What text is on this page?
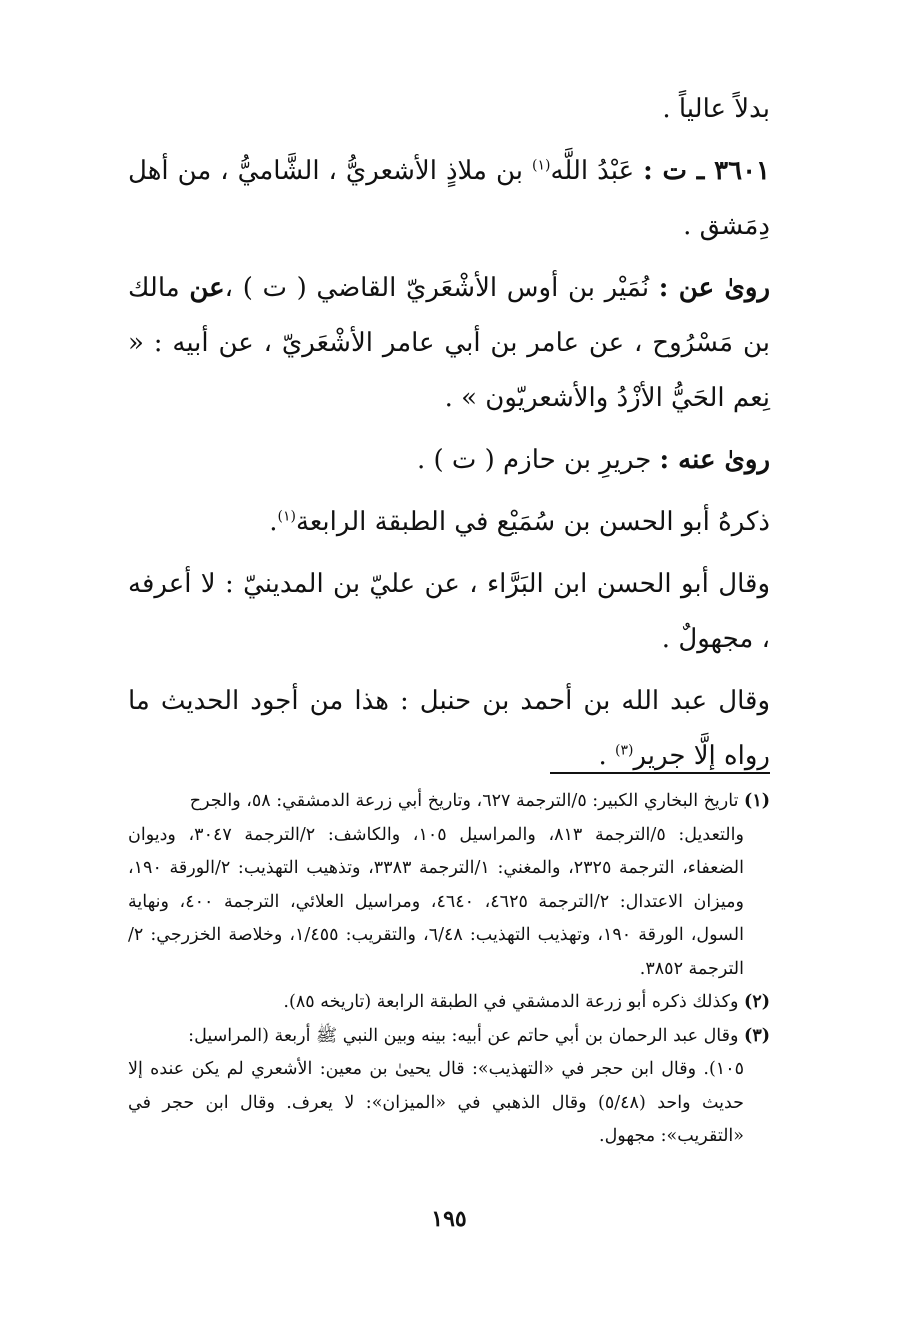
بدلاً عالياً .

٣٦٠١ ـ ت : عَبْدُ اللَّه$^{(١)}$ بن ملاذٍ الأشعريُّ ، الشَّاميُّ ، من أهل دِمَشق .

روىٰ عن : نُمَيْر بن أوس الأشْعَريّ القاضي ( ت ) ،عن مالك بن مَسْرُوح ، عن عامر بن أبي عامر الأشْعَريّ ، عن أبيه : « نِعم الحَيُّ الأزْدُ والأشعريّون » .

روىٰ عنه : جريرِ بن حازم ( ت ) .

ذكرهُ أبو الحسن بن سُمَيْع في الطبقة الرابعة$^{(١)}$.

وقال أبو الحسن ابن البَرَّاء ، عن عليّ بن المدينيّ : لا أعرفه ، مجهولٌ .

وقال عبد الله بن أحمد بن حنبل : هذا من أجود الحديث ما رواه إلَّا جرير$^{(٣)}$ .

(١) تاريخ البخاري الكبير: ٥/الترجمة ٦٢٧، وتاريخ أبي زرعة الدمشقي: ٥٨، والجرح
والتعديل: ٥/الترجمة ٨١٣، والمراسيل ١٠٥، والكاشف: ٢/الترجمة ٣٠٤٧، وديوان الضعفاء، الترجمة ٢٣٢٥، والمغني: ١/الترجمة ٣٣٨٣، وتذهيب التهذيب: ٢/الورقة ١٩٠، وميزان الاعتدال: ٢/الترجمة ٤٦٢٥، ٤٦٤٠، ومراسيل العلائي، الترجمة ٤٠٠، ونهاية السول، الورقة ١٩٠، وتهذيب التهذيب: ٦/٤٨، والتقريب: ١/٤٥٥، وخلاصة الخزرجي: ٢/الترجمة ٣٨٥٢.

(٢) وكذلك ذكره أبو زرعة الدمشقي في الطبقة الرابعة (تاريخه ٨٥).

(٣) وقال عبد الرحمان بن أبي حاتم عن أبيه: بينه وبين النبي ﷺ أربعة (المراسيل:
١٠٥). وقال ابن حجر في «التهذيب»: قال يحيىٰ بن معين: الأشعري لم يكن عنده إلا حديث واحد (٥/٤٨) وقال الذهبي في «الميزان»: لا يعرف. وقال ابن حجر في «التقريب»: مجهول.

١٩٥
